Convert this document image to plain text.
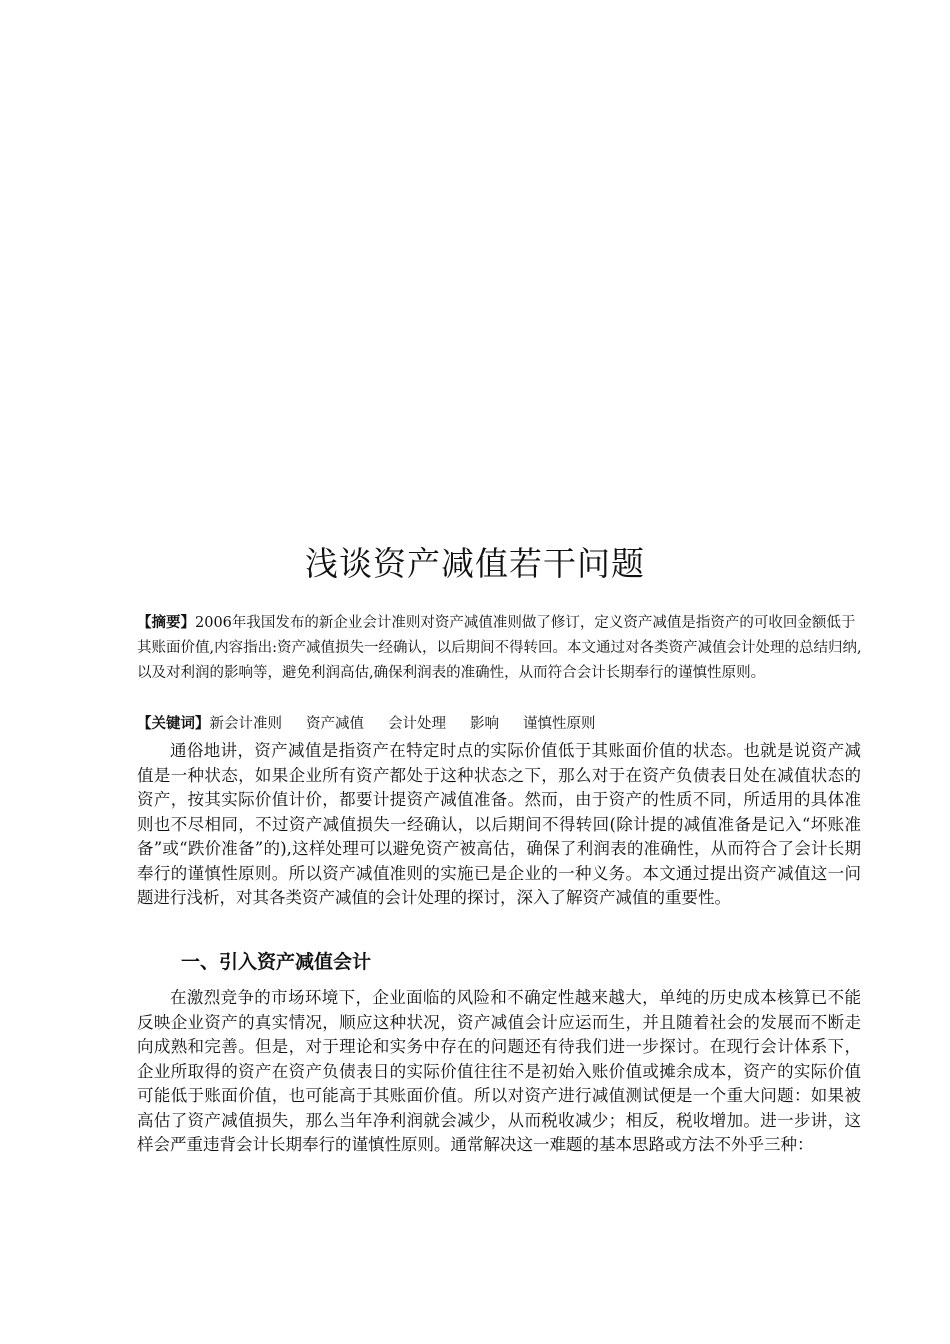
浅谈资产减值若干问题

【摘要】2006年我国发布的新企业会计准则对资产减值准则做了修订，定义资产减值是指资产的可收回金额低于其账面价值,内容指出:资产减值损失一经确认，以后期间不得转回。本文通过对各类资产减值会计处理的总结归纳,以及对利润的影响等，避免利润高估,确保利润表的准确性，从而符合会计长期奉行的谨慎性原则。

【关键词】新会计准则 资产减值 会计处理 影响 谨慎性原则

通俗地讲，资产减值是指资产在特定时点的实际价值低于其账面价值的状态。也就是说资产减值是一种状态，如果企业所有资产都处于这种状态之下，那么对于在资产负债表日处在减值状态的资产，按其实际价值计价，都要计提资产减值准备。然而，由于资产的性质不同，所适用的具体准则也不尽相同，不过资产减值损失一经确认，以后期间不得转回(除计提的减值准备是记入“坏账准备”或“跌价准备”的),这样处理可以避免资产被高估，确保了利润表的准确性，从而符合了会计长期奉行的谨慎性原则。所以资产减值准则的实施已是企业的一种义务。本文通过提出资产减值这一问题进行浅析，对其各类资产减值的会计处理的探讨，深入了解资产减值的重要性。

一、引入资产减值会计

在激烈竞争的市场环境下，企业面临的风险和不确定性越来越大，单纯的历史成本核算已不能反映企业资产的真实情况，顺应这种状况，资产减值会计应运而生，并且随着社会的发展而不断走向成熟和完善。但是，对于理论和实务中存在的问题还有待我们进一步探讨。在现行会计体系下，企业所取得的资产在资产负债表日的实际价值往往不是初始入账价值或摊余成本，资产的实际价值可能低于账面价值，也可能高于其账面价值。所以对资产进行减值测试便是一个重大问题：如果被高估了资产减值损失，那么当年净利润就会减少，从而税收减少；相反，税收增加。进一步讲，这样会严重违背会计长期奉行的谨慎性原则。通常解决这一难题的基本思路或方法不外乎三种：
